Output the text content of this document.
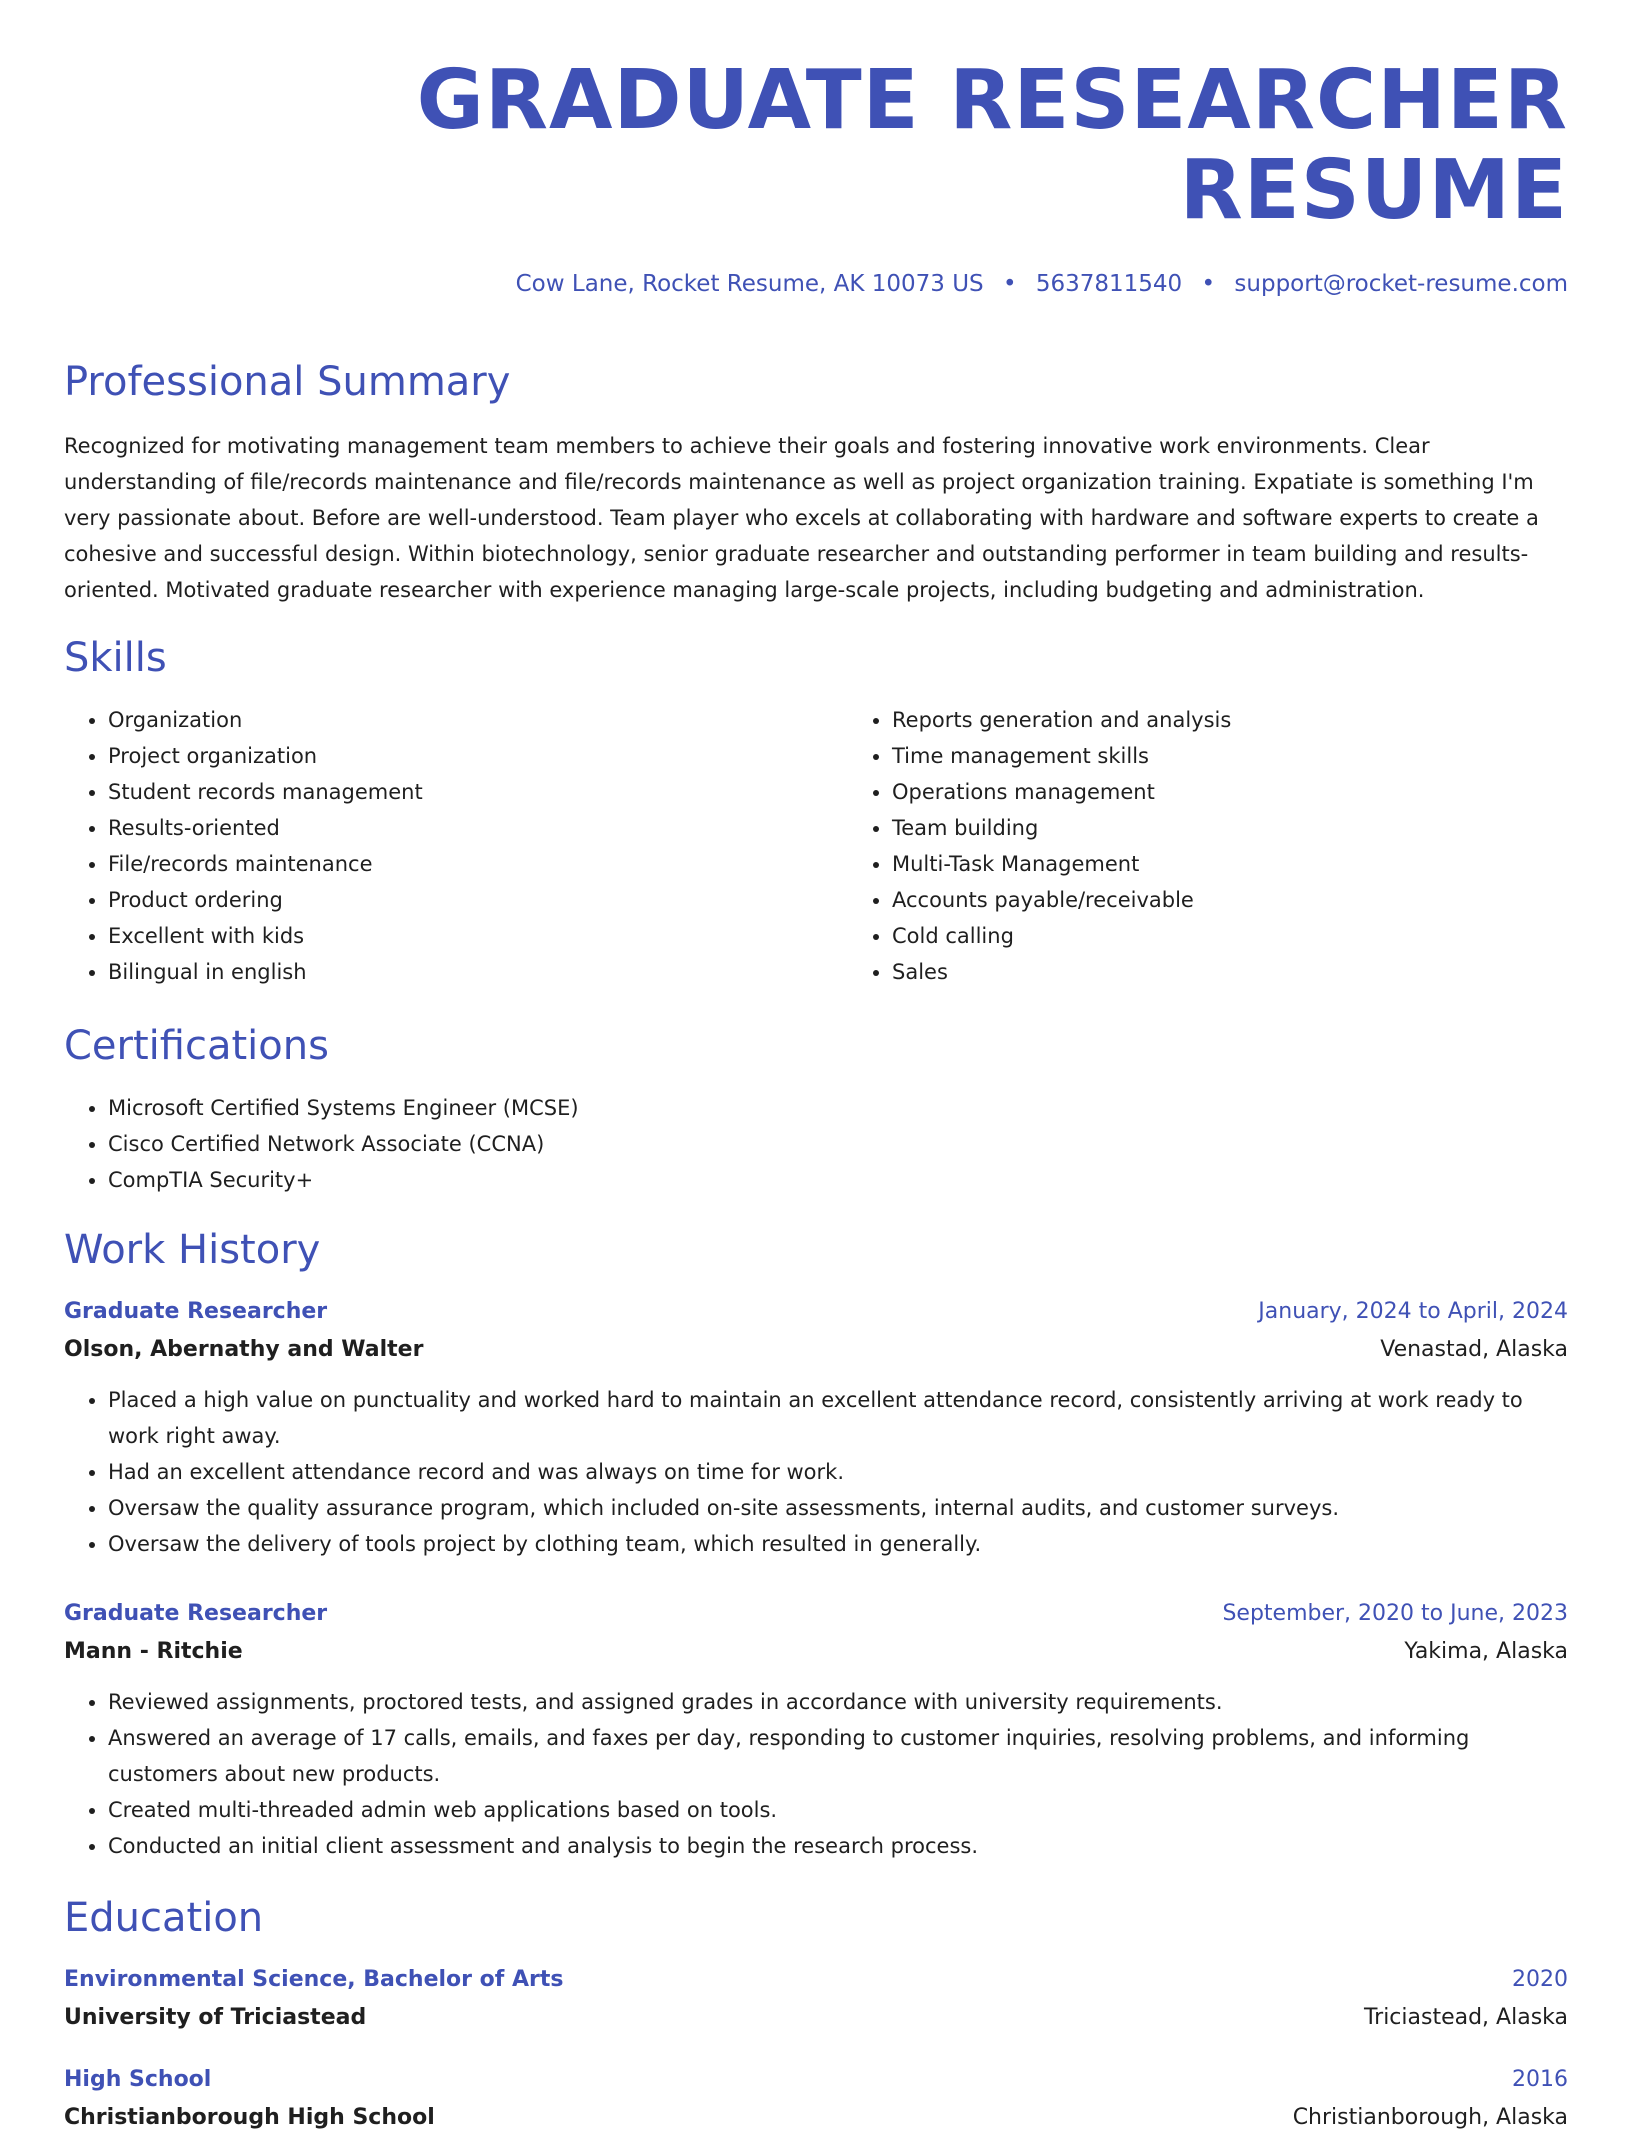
GRADUATE RESEARCHER RESUME
Cow Lane, Rocket Resume, AK 10073 US • 5637811540 • support@rocket-resume.com
Professional Summary

Recognized for motivating management team members to achieve their goals and fostering innovative work environments. Clear understanding of file/records maintenance and file/records maintenance as well as project organization training. Expatiate is something I'm very passionate about. Before are well-understood. Team player who excels at collaborating with hardware and software experts to create a cohesive and successful design. Within biotechnology, senior graduate researcher and outstanding performer in team building and results-oriented. Motivated graduate researcher with experience managing large-scale projects, including budgeting and administration.

Skills
• Organization
• Project organization
• Student records management
• Results-oriented
• File/records maintenance
• Product ordering
• Excellent with kids
• Bilingual in english
• Reports generation and analysis
• Time management skills
• Operations management
• Team building
• Multi-Task Management
• Accounts payable/receivable
• Cold calling
• Sales
Certifications
• Microsoft Certified Systems Engineer (MCSE)
• Cisco Certified Network Associate (CCNA)
• CompTIA Security+
Work History
Graduate Researcher	January, 2024 to April, 2024
Olson, Abernathy and Walter	Venastad, Alaska
• Placed a high value on punctuality and worked hard to maintain an excellent attendance record, consistently arriving at work ready to work right away.
• Had an excellent attendance record and was always on time for work.
• Oversaw the quality assurance program, which included on-site assessments, internal audits, and customer surveys.
• Oversaw the delivery of tools project by clothing team, which resulted in generally.
Graduate Researcher	September, 2020 to June, 2023
Mann - Ritchie	Yakima, Alaska
• Reviewed assignments, proctored tests, and assigned grades in accordance with university requirements.
• Answered an average of 17 calls, emails, and faxes per day, responding to customer inquiries, resolving problems, and informing customers about new products.
• Created multi-threaded admin web applications based on tools.
• Conducted an initial client assessment and analysis to begin the research process.
Education
Environmental Science, Bachelor of Arts	2020
University of Triciastead	Triciastead, Alaska
High School	2016
Christianborough High School	Christianborough, Alaska
